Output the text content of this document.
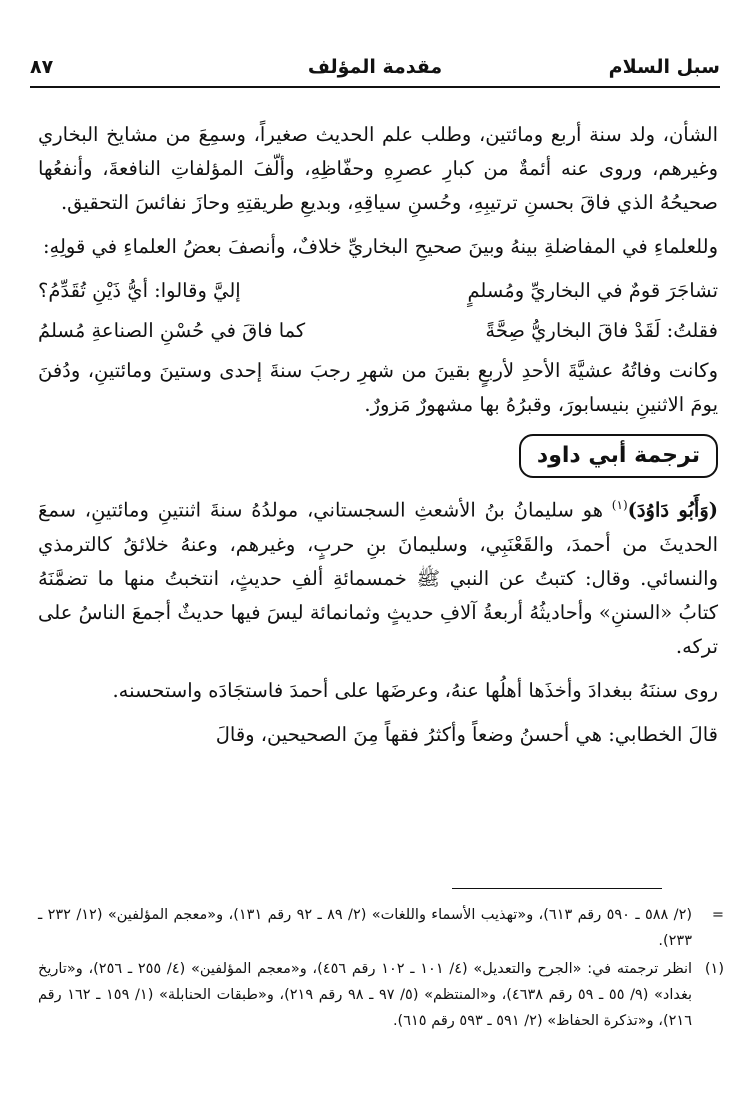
سبل السلام
مقدمة المؤلف
٨٧

الشأن، ولد سنة أربع ومائتين، وطلب علم الحديث صغيراً، وسمِعَ من مشايخ البخاري وغيرهم، وروى عنه أئمةٌ من كبارِ عصرِهِ وحفّاظِهِ، وألّفَ المؤلفاتِ النافعةَ، وأنفعُها صحيحُهُ الذي فاقَ بحسنِ ترتيبِهِ، وحُسنِ سياقِهِ، وبديعِ طريقتِهِ وحازَ نفائسَ التحقيق.

وللعلماءِ في المفاضلةِ بينهُ وبينَ صحيحِ البخاريِّ خلافٌ، وأنصفَ بعضُ العلماءِ في قولِهِ:

تشاجَرَ قومٌ في البخاريِّ ومُسلمٍ
إليَّ وقالوا: أيُّ ذَيْنِ تُقَدِّمُ؟
فقلتُ: لَقَدْ فاقَ البخاريُّ صِحَّةً
كما فاقَ في حُسْنِ الصناعةِ مُسلمُ

وكانت وفاتُهُ عشيَّةَ الأحدِ لأربعٍ بقينَ من شهرِ رجبَ سنةَ إحدى وستينَ ومائتينِ، ودُفنَ يومَ الاثنينِ بنيسابورَ، وقبرُهُ بها مشهورٌ مَزورٌ.

ترجمة أبي داود

(وَأَبُو دَاوُدَ)$^{(١)}$ هو سليمانُ بنُ الأشعثِ السجستاني، مولدُهُ سنةَ اثنتينِ ومائتينِ، سمعَ الحديثَ من أحمدَ، والقَعْنَبِي، وسليمانَ بنِ حربٍ، وغيرهم، وعنهُ خلائقُ كالترمذي والنسائي. وقال: كتبتُ عن النبي ﷺ خمسمائةِ ألفِ حديثٍ، انتخبتُ منها ما تضمَّنَهُ كتابُ «السننِ» وأحاديثُهُ أربعةُ آلافِ حديثٍ وثمانمائة ليسَ فيها حديثٌ أجمعَ الناسُ على تركه.

روى سننَهُ ببغدادَ وأخذَها أهلُها عنهُ، وعرضَها على أحمدَ فاستجَادَه واستحسنه.

قالَ الخطابي: هي أحسنُ وضعاً وأكثرُ فقهاً مِنَ الصحيحين، وقالَ

=
(٢/ ٥٨٨ ـ ٥٩٠ رقم ٦١٣)، و«تهذيب الأسماء واللغات» (٢/ ٨٩ ـ ٩٢ رقم ١٣١)، و«معجم المؤلفين» (١٢/ ٢٣٢ ـ ٢٣٣).
(١)
انظر ترجمته في: «الجرح والتعديل» (٤/ ١٠١ ـ ١٠٢ رقم ٤٥٦)، و«معجم المؤلفين» (٤/ ٢٥٥ ـ ٢٥٦)، و«تاريخ بغداد» (٩/ ٥٥ ـ ٥٩ رقم ٤٦٣٨)، و«المنتظم» (٥/ ٩٧ ـ ٩٨ رقم ٢١٩)، و«طبقات الحنابلة» (١/ ١٥٩ ـ ١٦٢ رقم ٢١٦)، و«تذكرة الحفاظ» (٢/ ٥٩١ ـ ٥٩٣ رقم ٦١٥).
